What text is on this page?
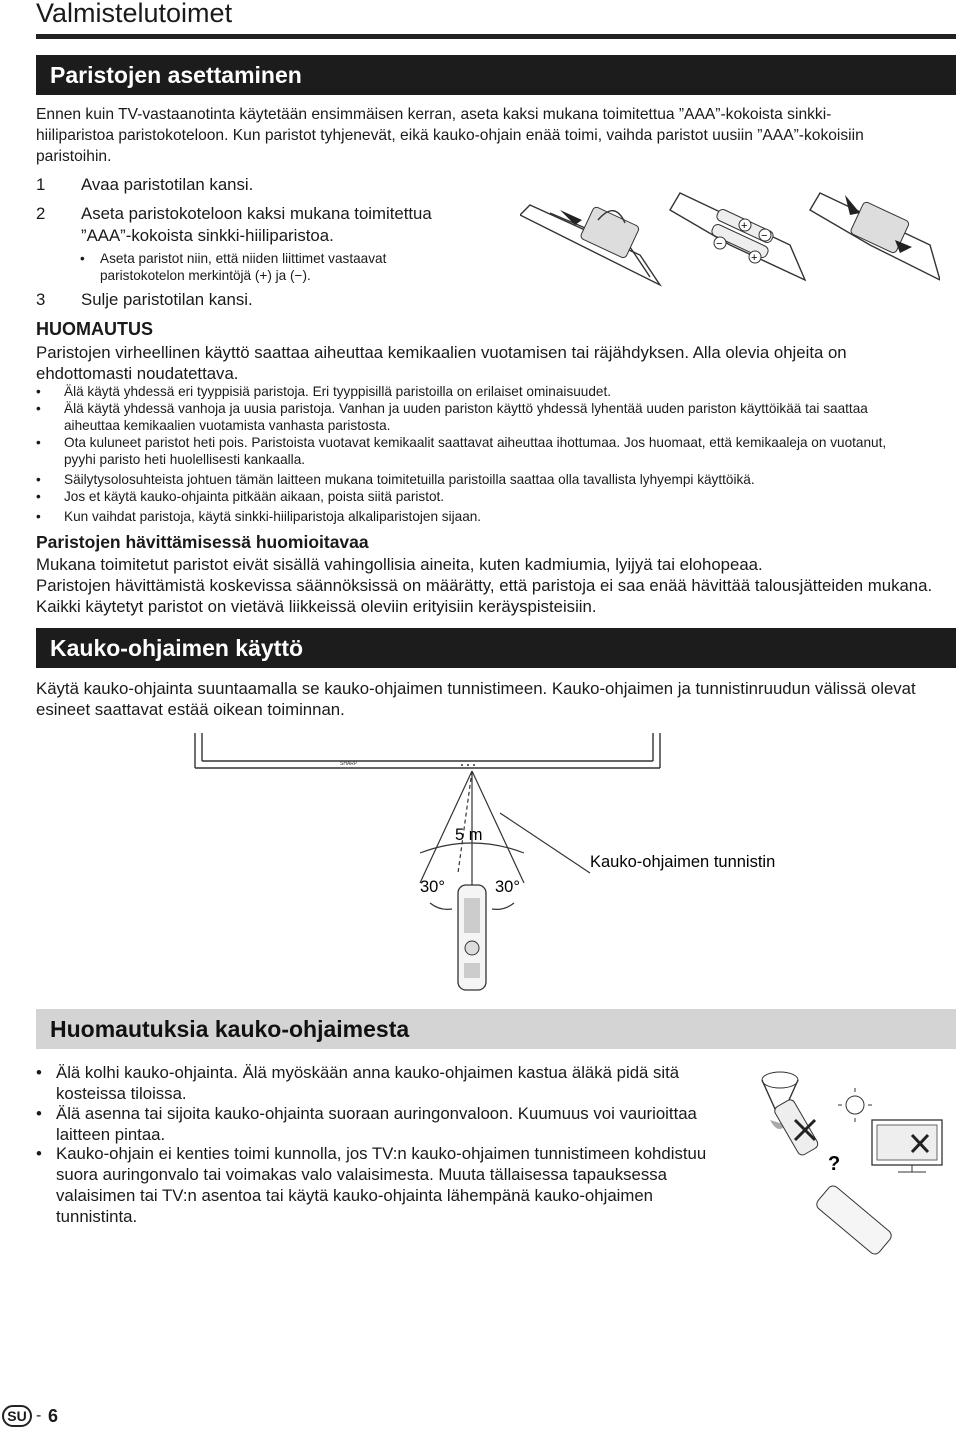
Valmistelutoimet
Paristojen asettaminen
Ennen kuin TV-vastaanotinta käytetään ensimmäisen kerran, aseta kaksi mukana toimitettua ”AAA”-kokoista sinkki-
hiiliparistoa paristokoteloon. Kun paristot tyhjenevät, eikä kauko-ohjain enää toimi, vaihda paristot uusiin ”AAA”-kokoisiin
paristoihin.
1 Avaa paristotilan kansi.
2 Aseta paristokoteloon kaksi mukana toimitettua
”AAA”-kokoista sinkki-hiiliparistoa.
• Aseta paristot niin, että niiden liittimet vastaavat
paristokotelon merkintöjä (+) ja (−).
3 Sulje paristotilan kansi.
+
−
−
+
HUOMAUTUS
Paristojen virheellinen käyttö saattaa aiheuttaa kemikaalien vuotamisen tai räjähdyksen. Alla olevia ohjeita on
ehdottomasti noudatettava.
• Älä käytä yhdessä eri tyyppisiä paristoja. Eri tyyppisillä paristoilla on erilaiset ominaisuudet.
• Älä käytä yhdessä vanhoja ja uusia paristoja. Vanhan ja uuden pariston käyttö yhdessä lyhentää uuden pariston käyttöikää tai saattaa
aiheuttaa kemikaalien vuotamista vanhasta paristosta.
• Ota kuluneet paristot heti pois. Paristoista vuotavat kemikaalit saattavat aiheuttaa ihottumaa. Jos huomaat, että kemikaaleja on vuotanut,
pyyhi paristo heti huolellisesti kankaalla.
• Säilytysolosuhteista johtuen tämän laitteen mukana toimitetuilla paristoilla saattaa olla tavallista lyhyempi käyttöikä.
• Jos et käytä kauko-ohjainta pitkään aikaan, poista siitä paristot.
• Kun vaihdat paristoja, käytä sinkki-hiiliparistoja alkaliparistojen sijaan.
Paristojen hävittämisessä huomioitavaa
Mukana toimitetut paristot eivät sisällä vahingollisia aineita, kuten kadmiumia, lyijyä tai elohopeaa.
Paristojen hävittämistä koskevissa säännöksissä on määrätty, että paristoja ei saa enää hävittää talousjätteiden mukana.
Kaikki käytetyt paristot on vietävä liikkeissä oleviin erityisiin keräyspisteisiin.
Kauko-ohjaimen käyttö
Käytä kauko-ohjainta suuntaamalla se kauko-ohjaimen tunnistimeen. Kauko-ohjaimen ja tunnistinruudun välissä olevat
esineet saattavat estää oikean toiminnan.
SHARP
5 m
30°	30°
Kauko-ohjaimen tunnistin
Huomautuksia kauko-ohjaimesta
• Älä kolhi kauko-ohjainta. Älä myöskään anna kauko-ohjaimen kastua äläkä pidä sitä
kosteissa tiloissa.
• Älä asenna tai sijoita kauko-ohjainta suoraan auringonvaloon. Kuumuus voi vaurioittaa
laitteen pintaa.
• Kauko-ohjain ei kenties toimi kunnolla, jos TV:n kauko-ohjaimen tunnistimeen kohdistuu
suora auringonvalo tai voimakas valo valaisimesta. Muuta tällaisessa tapauksessa
valaisimen tai TV:n asentoa tai käytä kauko-ohjainta lähempänä kauko-ohjaimen
tunnistinta.
?
SU - 6
